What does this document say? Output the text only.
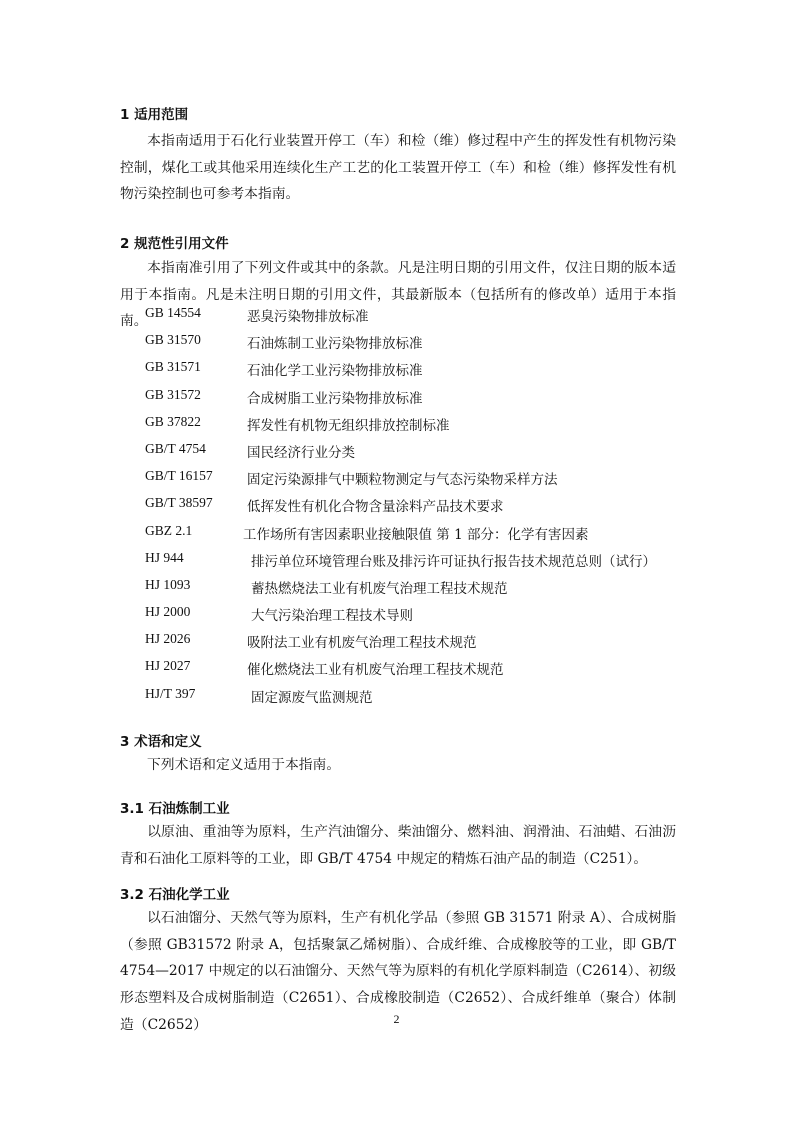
1 适用范围
本指南适用于石化行业装置开停工（车）和检（维）修过程中产生的挥发性有机物污染控制，煤化工或其他采用连续化生产工艺的化工装置开停工（车）和检（维）修挥发性有机物污染控制也可参考本指南。
2 规范性引用文件
本指南准引用了下列文件或其中的条款。凡是注明日期的引用文件，仅注日期的版本适用于本指南。凡是未注明日期的引用文件，其最新版本（包括所有的修改单）适用于本指南。
GB 14554	恶臭污染物排放标准
GB 31570	石油炼制工业污染物排放标准
GB 31571	石油化学工业污染物排放标准
GB 31572	合成树脂工业污染物排放标准
GB 37822	挥发性有机物无组织排放控制标准
GB/T 4754	国民经济行业分类
GB/T 16157	固定污染源排气中颗粒物测定与气态污染物采样方法
GB/T 38597	低挥发性有机化合物含量涂料产品技术要求
GBZ 2.1	工作场所有害因素职业接触限值 第 1 部分：化学有害因素
HJ 944	排污单位环境管理台账及排污许可证执行报告技术规范总则（试行）
HJ 1093	蓄热燃烧法工业有机废气治理工程技术规范
HJ 2000	大气污染治理工程技术导则
HJ 2026	吸附法工业有机废气治理工程技术规范
HJ 2027	催化燃烧法工业有机废气治理工程技术规范
HJ/T 397	固定源废气监测规范
3 术语和定义
下列术语和定义适用于本指南。
3.1 石油炼制工业
以原油、重油等为原料，生产汽油馏分、柴油馏分、燃料油、润滑油、石油蜡、石油沥青和石油化工原料等的工业，即 GB/T 4754 中规定的精炼石油产品的制造（C251）。
3.2 石油化学工业
以石油馏分、天然气等为原料，生产有机化学品（参照 GB 31571 附录 A）、合成树脂（参照 GB31572 附录 A，包括聚氯乙烯树脂）、合成纤维、合成橡胶等的工业，即 GB/T 4754—2017 中规定的以石油馏分、天然气等为原料的有机化学原料制造（C2614）、初级形态塑料及合成树脂制造（C2651）、合成橡胶制造（C2652）、合成纤维单（聚合）体制造（C2652）	2
